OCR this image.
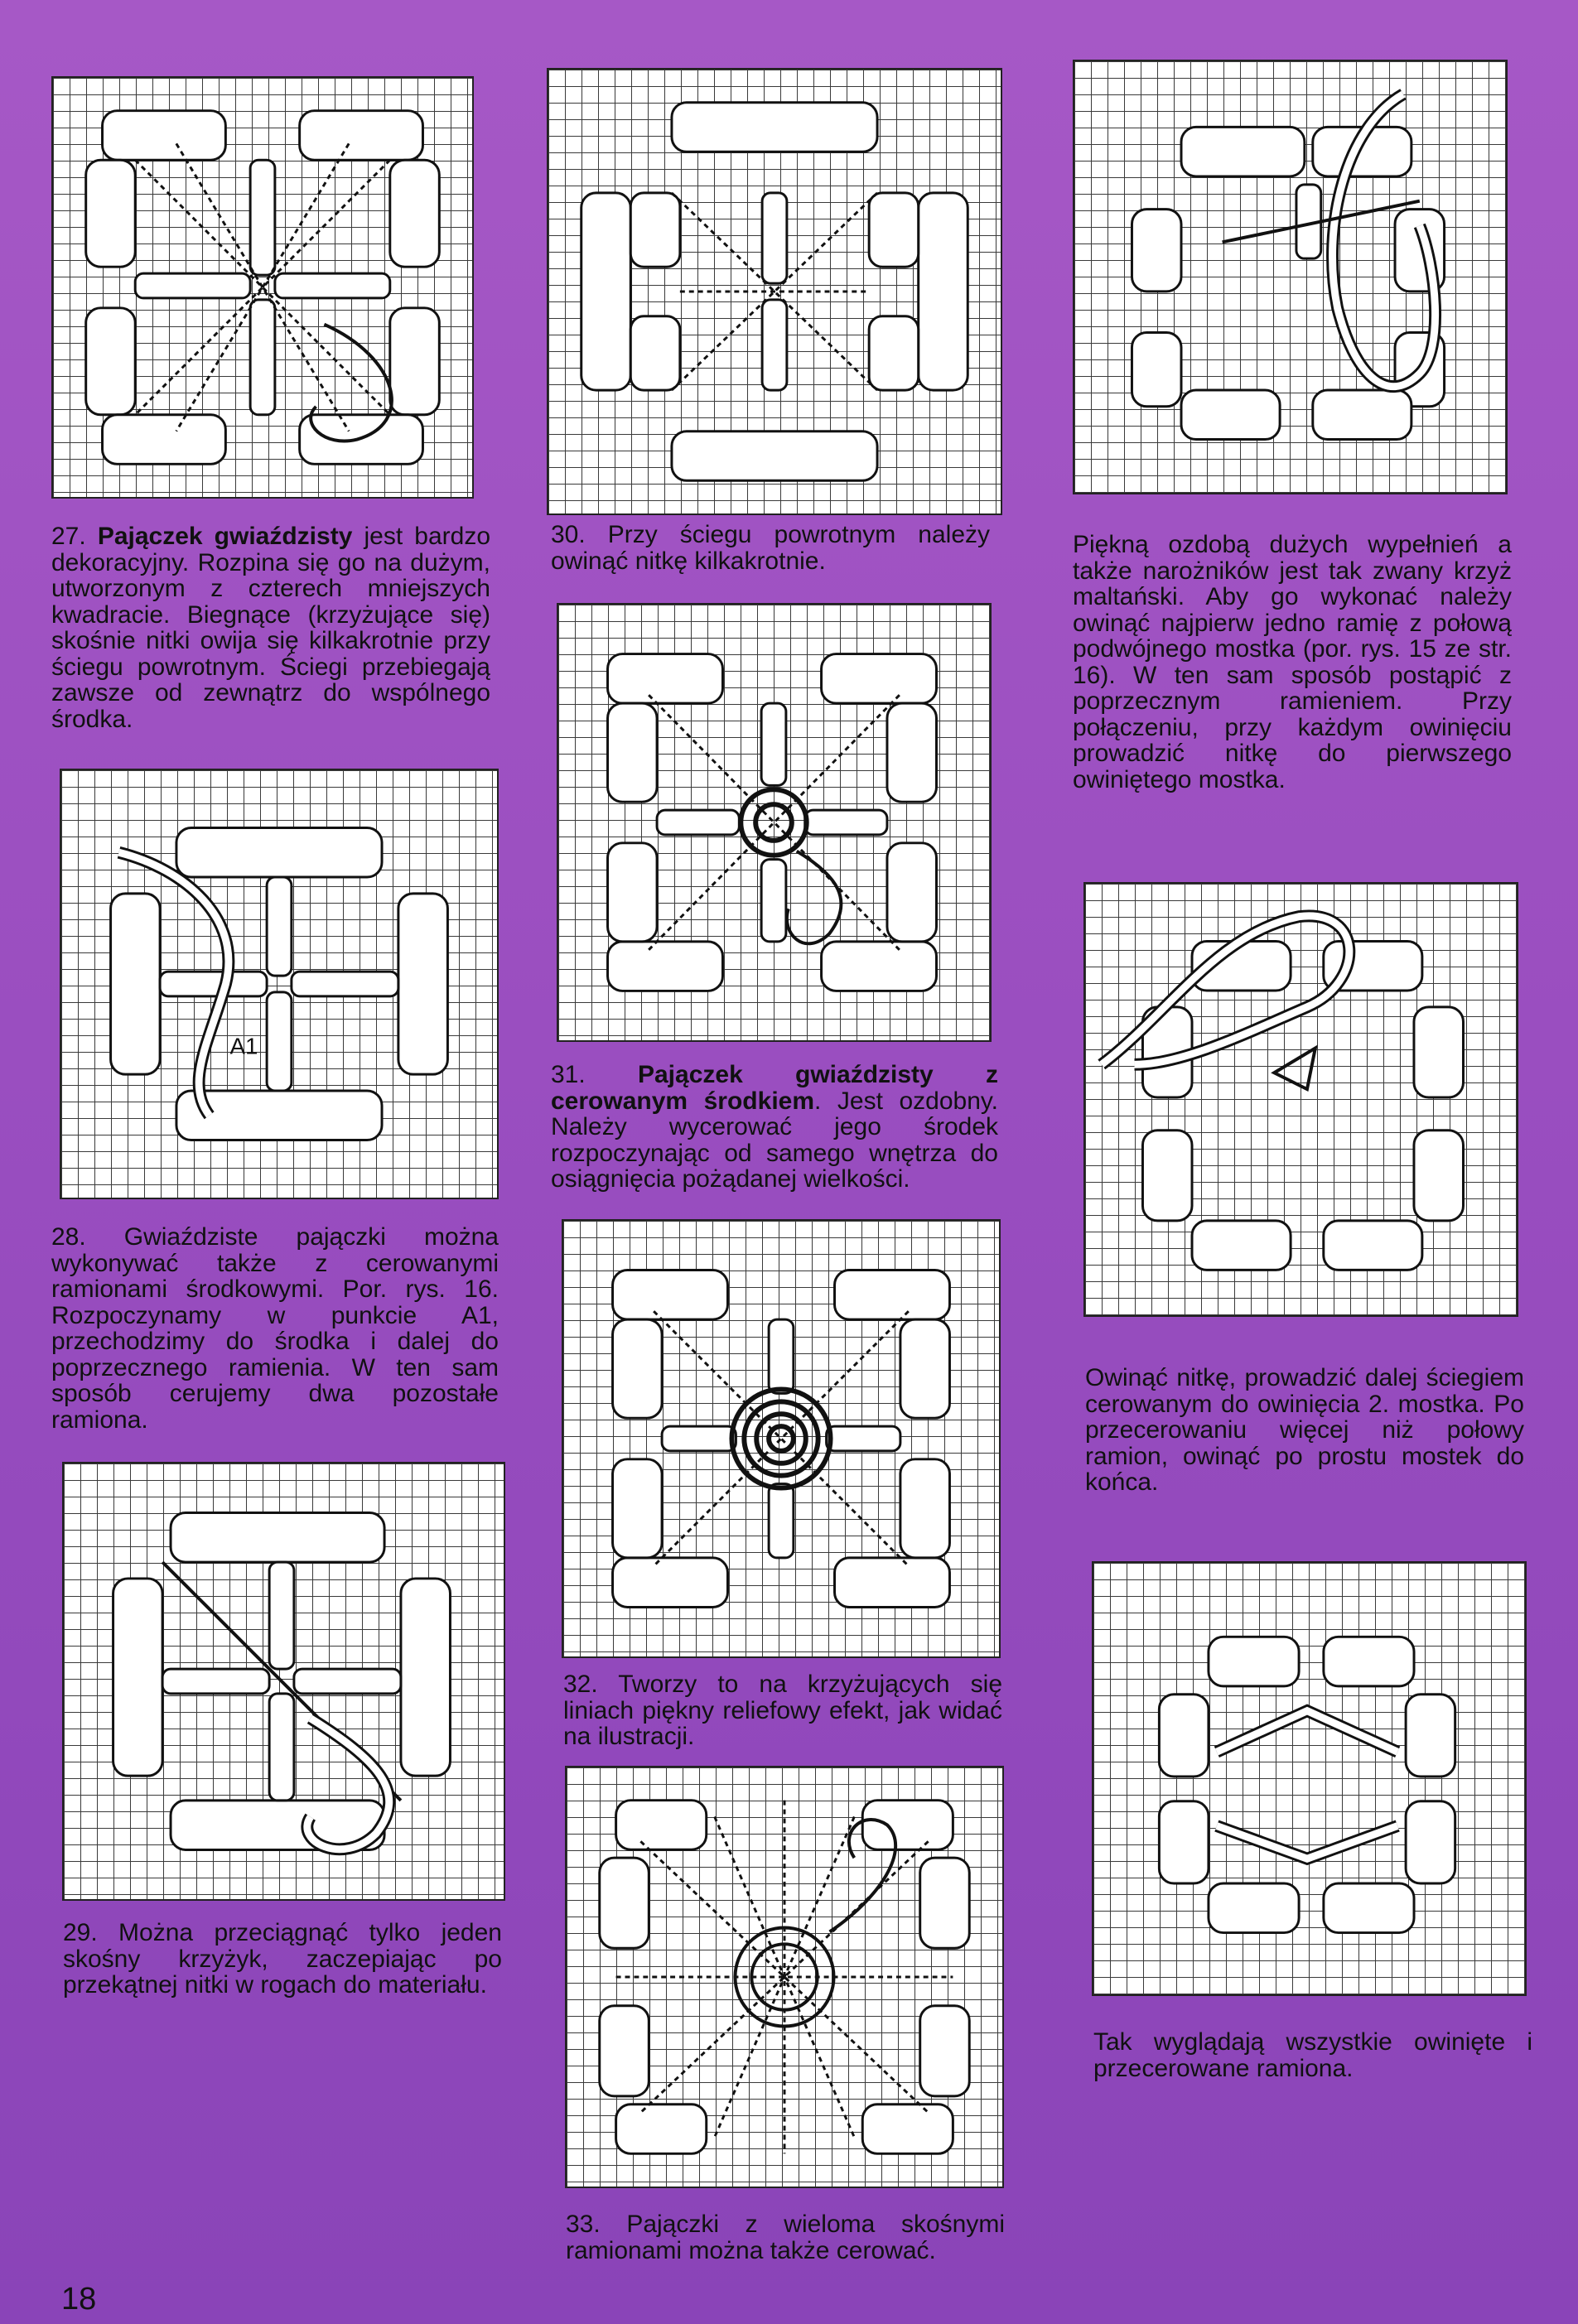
27. Pajączek gwiaździsty jest bardzo dekoracyjny. Rozpina się go na dużym, utworzonym z czterech mniejszych kwadracie. Biegnące (krzyżujące się) skośnie nitki owija się kilkakrotnie przy ściegu powrotnym. Ściegi przebiegają zawsze od zewnątrz do wspólnego środka.
A1
28. Gwiaździste pajączki można wykonywać także z cerowanymi ramionami środkowymi. Por. rys. 16. Rozpoczynamy w punkcie A1, przechodzimy do środka i dalej do poprzecznego ramienia. W ten sam sposób cerujemy dwa pozostałe ramiona.
29. Można przeciągnąć tylko jeden skośny krzyżyk, zaczepiając po przekątnej nitki w rogach do materiału.
30. Przy ściegu powrotnym należy owinąć nitkę kilkakrotnie.
31. Pajączek gwiaździsty z cerowanym środkiem. Jest ozdobny. Należy wycerować jego środek rozpoczynając od samego wnętrza do osiągnięcia pożądanej wielkości.
32. Tworzy to na krzyżujących się liniach piękny reliefowy efekt, jak widać na ilustracji.
33. Pajączki z wieloma skośnymi ramionami można także cerować.
Piękną ozdobą dużych wypełnień a także narożników jest tak zwany krzyż maltański. Aby go wykonać należy owinąć najpierw jedno ramię z połową podwójnego mostka (por. rys. 15 ze str. 16). W ten sam sposób postąpić z poprzecznym ramieniem. Przy połączeniu, przy każdym owinięciu prowadzić nitkę do pierwszego owiniętego mostka.
Owinąć nitkę, prowadzić dalej ściegiem cerowanym do owinięcia 2. mostka. Po przecerowaniu więcej niż połowy ramion, owinąć po prostu mostek do końca.
Tak wyglądają wszystkie owinięte i przecerowane ramiona.
18
